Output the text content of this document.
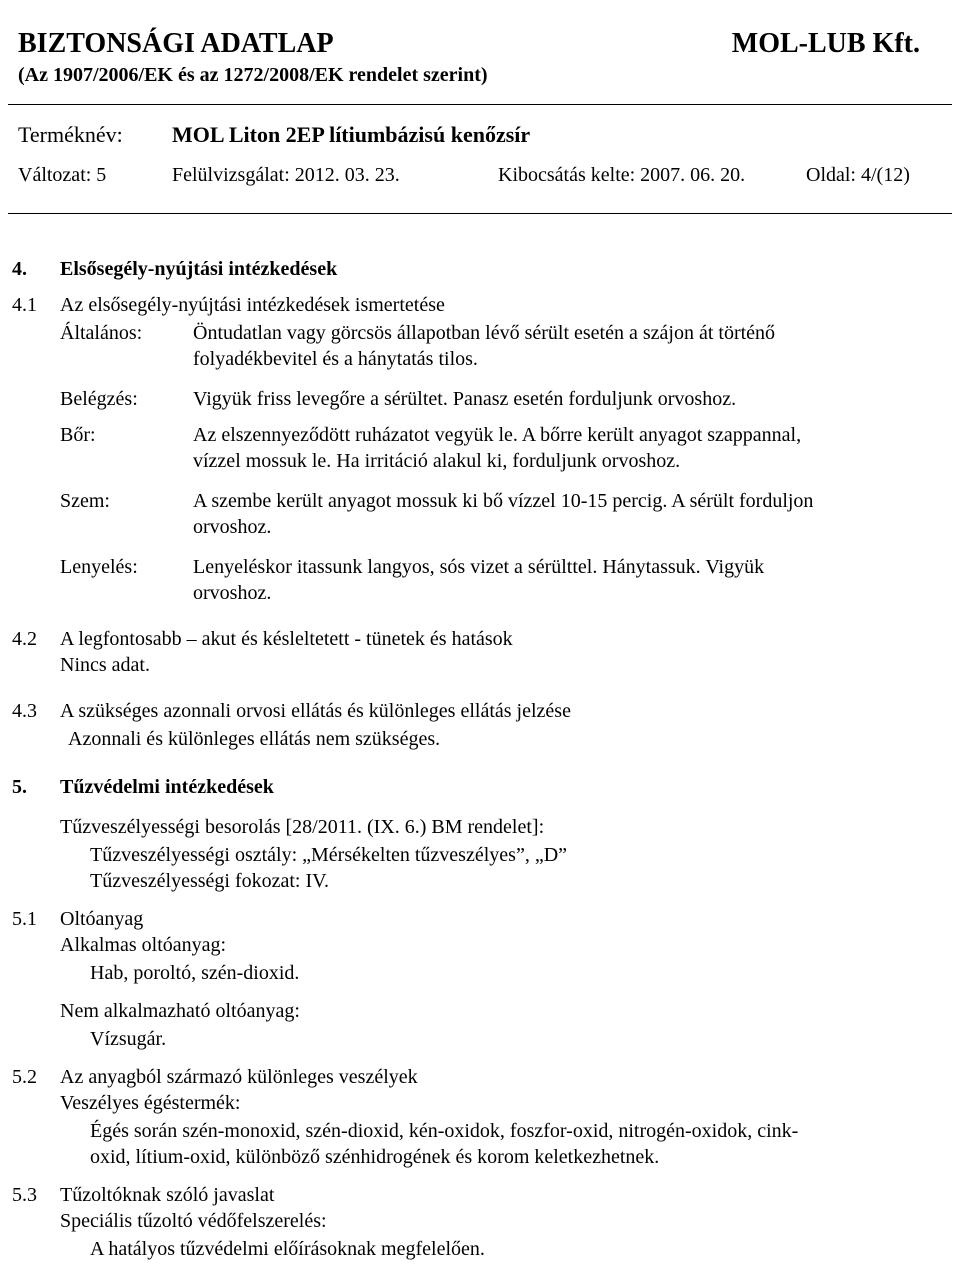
BIZTONSÁGI ADATLAP	MOL-LUB Kft.
(Az 1907/2006/EK és az 1272/2008/EK rendelet szerint)
Terméknév: MOL Liton 2EP lítiumbázisú kenőzsír
Változat: 5	Felülvizsgálat: 2012. 03. 23.	Kibocsátás kelte: 2007. 06. 20.	Oldal: 4/(12)
4. Elsősegély-nyújtási intézkedések
4.1 Az elsősegély-nyújtási intézkedések ismertetése
Általános:	Öntudatlan vagy görcsös állapotban lévő sérült esetén a szájon át történő
folyadékbevitel és a hánytatás tilos.
Belégzés:	Vigyük friss levegőre a sérültet. Panasz esetén forduljunk orvoshoz.
Bőr:	Az elszennyeződött ruházatot vegyük le. A bőrre került anyagot szappannal,
vízzel mossuk le. Ha irritáció alakul ki, forduljunk orvoshoz.
Szem:	A szembe került anyagot mossuk ki bő vízzel 10-15 percig. A sérült forduljon
orvoshoz.
Lenyelés:	Lenyeléskor itassunk langyos, sós vizet a sérülttel. Hánytassuk. Vigyük
orvoshoz.
4.2 A legfontosabb – akut és késleltetett - tünetek és hatások
Nincs adat.
4.3 A szükséges azonnali orvosi ellátás és különleges ellátás jelzése
Azonnali és különleges ellátás nem szükséges.
5. Tűzvédelmi intézkedések
Tűzveszélyességi besorolás [28/2011. (IX. 6.) BM rendelet]:
Tűzveszélyességi osztály: „Mérsékelten tűzveszélyes”, „D”
Tűzveszélyességi fokozat: IV.
5.1 Oltóanyag
Alkalmas oltóanyag:
Hab, poroltó, szén-dioxid.
Nem alkalmazható oltóanyag:
Vízsugár.
5.2 Az anyagból származó különleges veszélyek
Veszélyes égéstermék:
Égés során szén-monoxid, szén-dioxid, kén-oxidok, foszfor-oxid, nitrogén-oxidok, cink-
oxid, lítium-oxid, különböző szénhidrogének és korom keletkezhetnek.
5.3 Tűzoltóknak szóló javaslat
Speciális tűzoltó védőfelszerelés:
A hatályos tűzvédelmi előírásoknak megfelelően.
